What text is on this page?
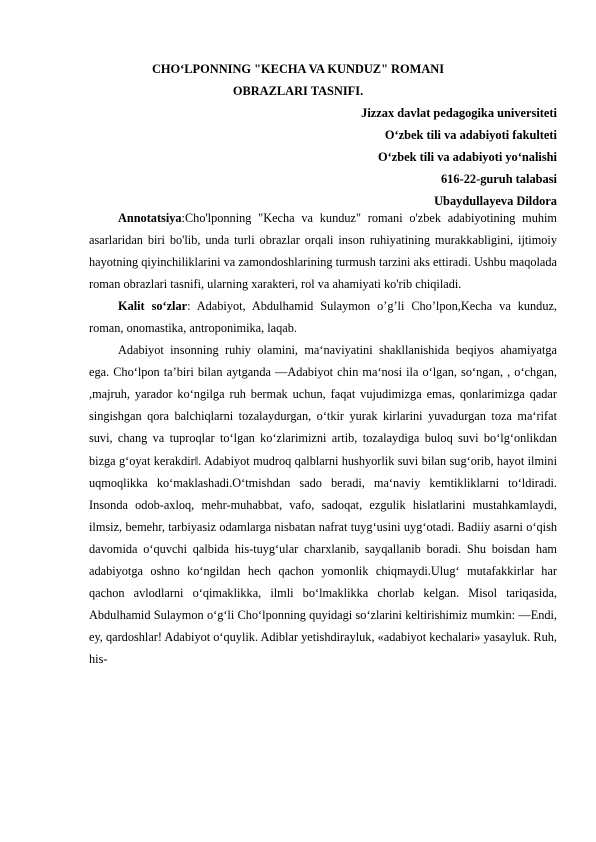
CHO‘LPONNING "KECHA VA KUNDUZ" ROMANI
OBRAZLARI TASNIFI.
Jizzax davlat pedagogika universiteti
O‘zbek tili va adabiyoti fakulteti
O‘zbek tili va adabiyoti yo‘nalishi
616-22-guruh talabasi
Ubaydullayeva Dildora

Annotatsiya:Cho'lponning "Kecha va kunduz" romani o'zbek adabiyotining muhim asarlaridan biri bo'lib, unda turli obrazlar orqali inson ruhiyatining murakkabligini, ijtimoiy hayotning qiyinchiliklarini va zamondoshlarining turmush tarzini aks ettiradi. Ushbu maqolada roman obrazlari tasnifi, ularning xarakteri, rol va ahamiyati ko'rib chiqiladi.

Kalit so‘zlar: Adabiyot, Abdulhamid Sulaymon o’g’li Cho’lpon,Kecha va kunduz, roman, onomastika, antroponimika, laqab.

Adabiyot insonning ruhiy olamini, ma‘naviyatini shakllanishida beqiyos ahamiyatga ega. Cho‘lpon ta’biri bilan aytganda ―Adabiyot chin ma‘nosi ila o‘lgan, so‘ngan, , o‘chgan, ,majruh, yarador ko‘ngilga ruh bermak uchun, faqat vujudimizga emas, qonlarimizga qadar singishgan qora balchiqlarni tozalaydurgan, o‘tkir yurak kirlarini yuvadurgan toza ma‘rifat suvi, chang va tuproqlar to‘lgan ko‘zlarimizni artib, tozalaydiga buloq suvi bo‘lg‘onlikdan bizga g‘oyat kerakdir‖. Adabiyot mudroq qalblarni hushyorlik suvi bilan sug‘orib, hayot ilmini uqmoqlikka ko‘maklashadi.O‘tmishdan sado beradi, ma‘naviy kemtikliklarni to‘ldiradi. Insonda odob-axloq, mehr-muhabbat, vafo, sadoqat, ezgulik hislatlarini mustahkamlaydi, ilmsiz, bemehr, tarbiyasiz odamlarga nisbatan nafrat tuyg‘usini uyg‘otadi. Badiiy asarni o‘qish davomida o‘quvchi qalbida his-tuyg‘ular charxlanib, sayqallanib boradi. Shu boisdan ham adabiyotga oshno ko‘ngildan hech qachon yomonlik chiqmaydi.Ulug‘ mutafakkirlar har qachon avlodlarni o‘qimaklikka, ilmli bo‘lmaklikka chorlab kelgan. Misol tariqasida, Abdulhamid Sulaymon o‘g‘li Cho‘lponning quyidagi so‘zlarini keltirishimiz mumkin: ―Endi, ey, qardoshlar! Adabiyot o‘quylik. Adiblar yetishdirayluk, «adabiyot kechalari» yasayluk. Ruh, his-
